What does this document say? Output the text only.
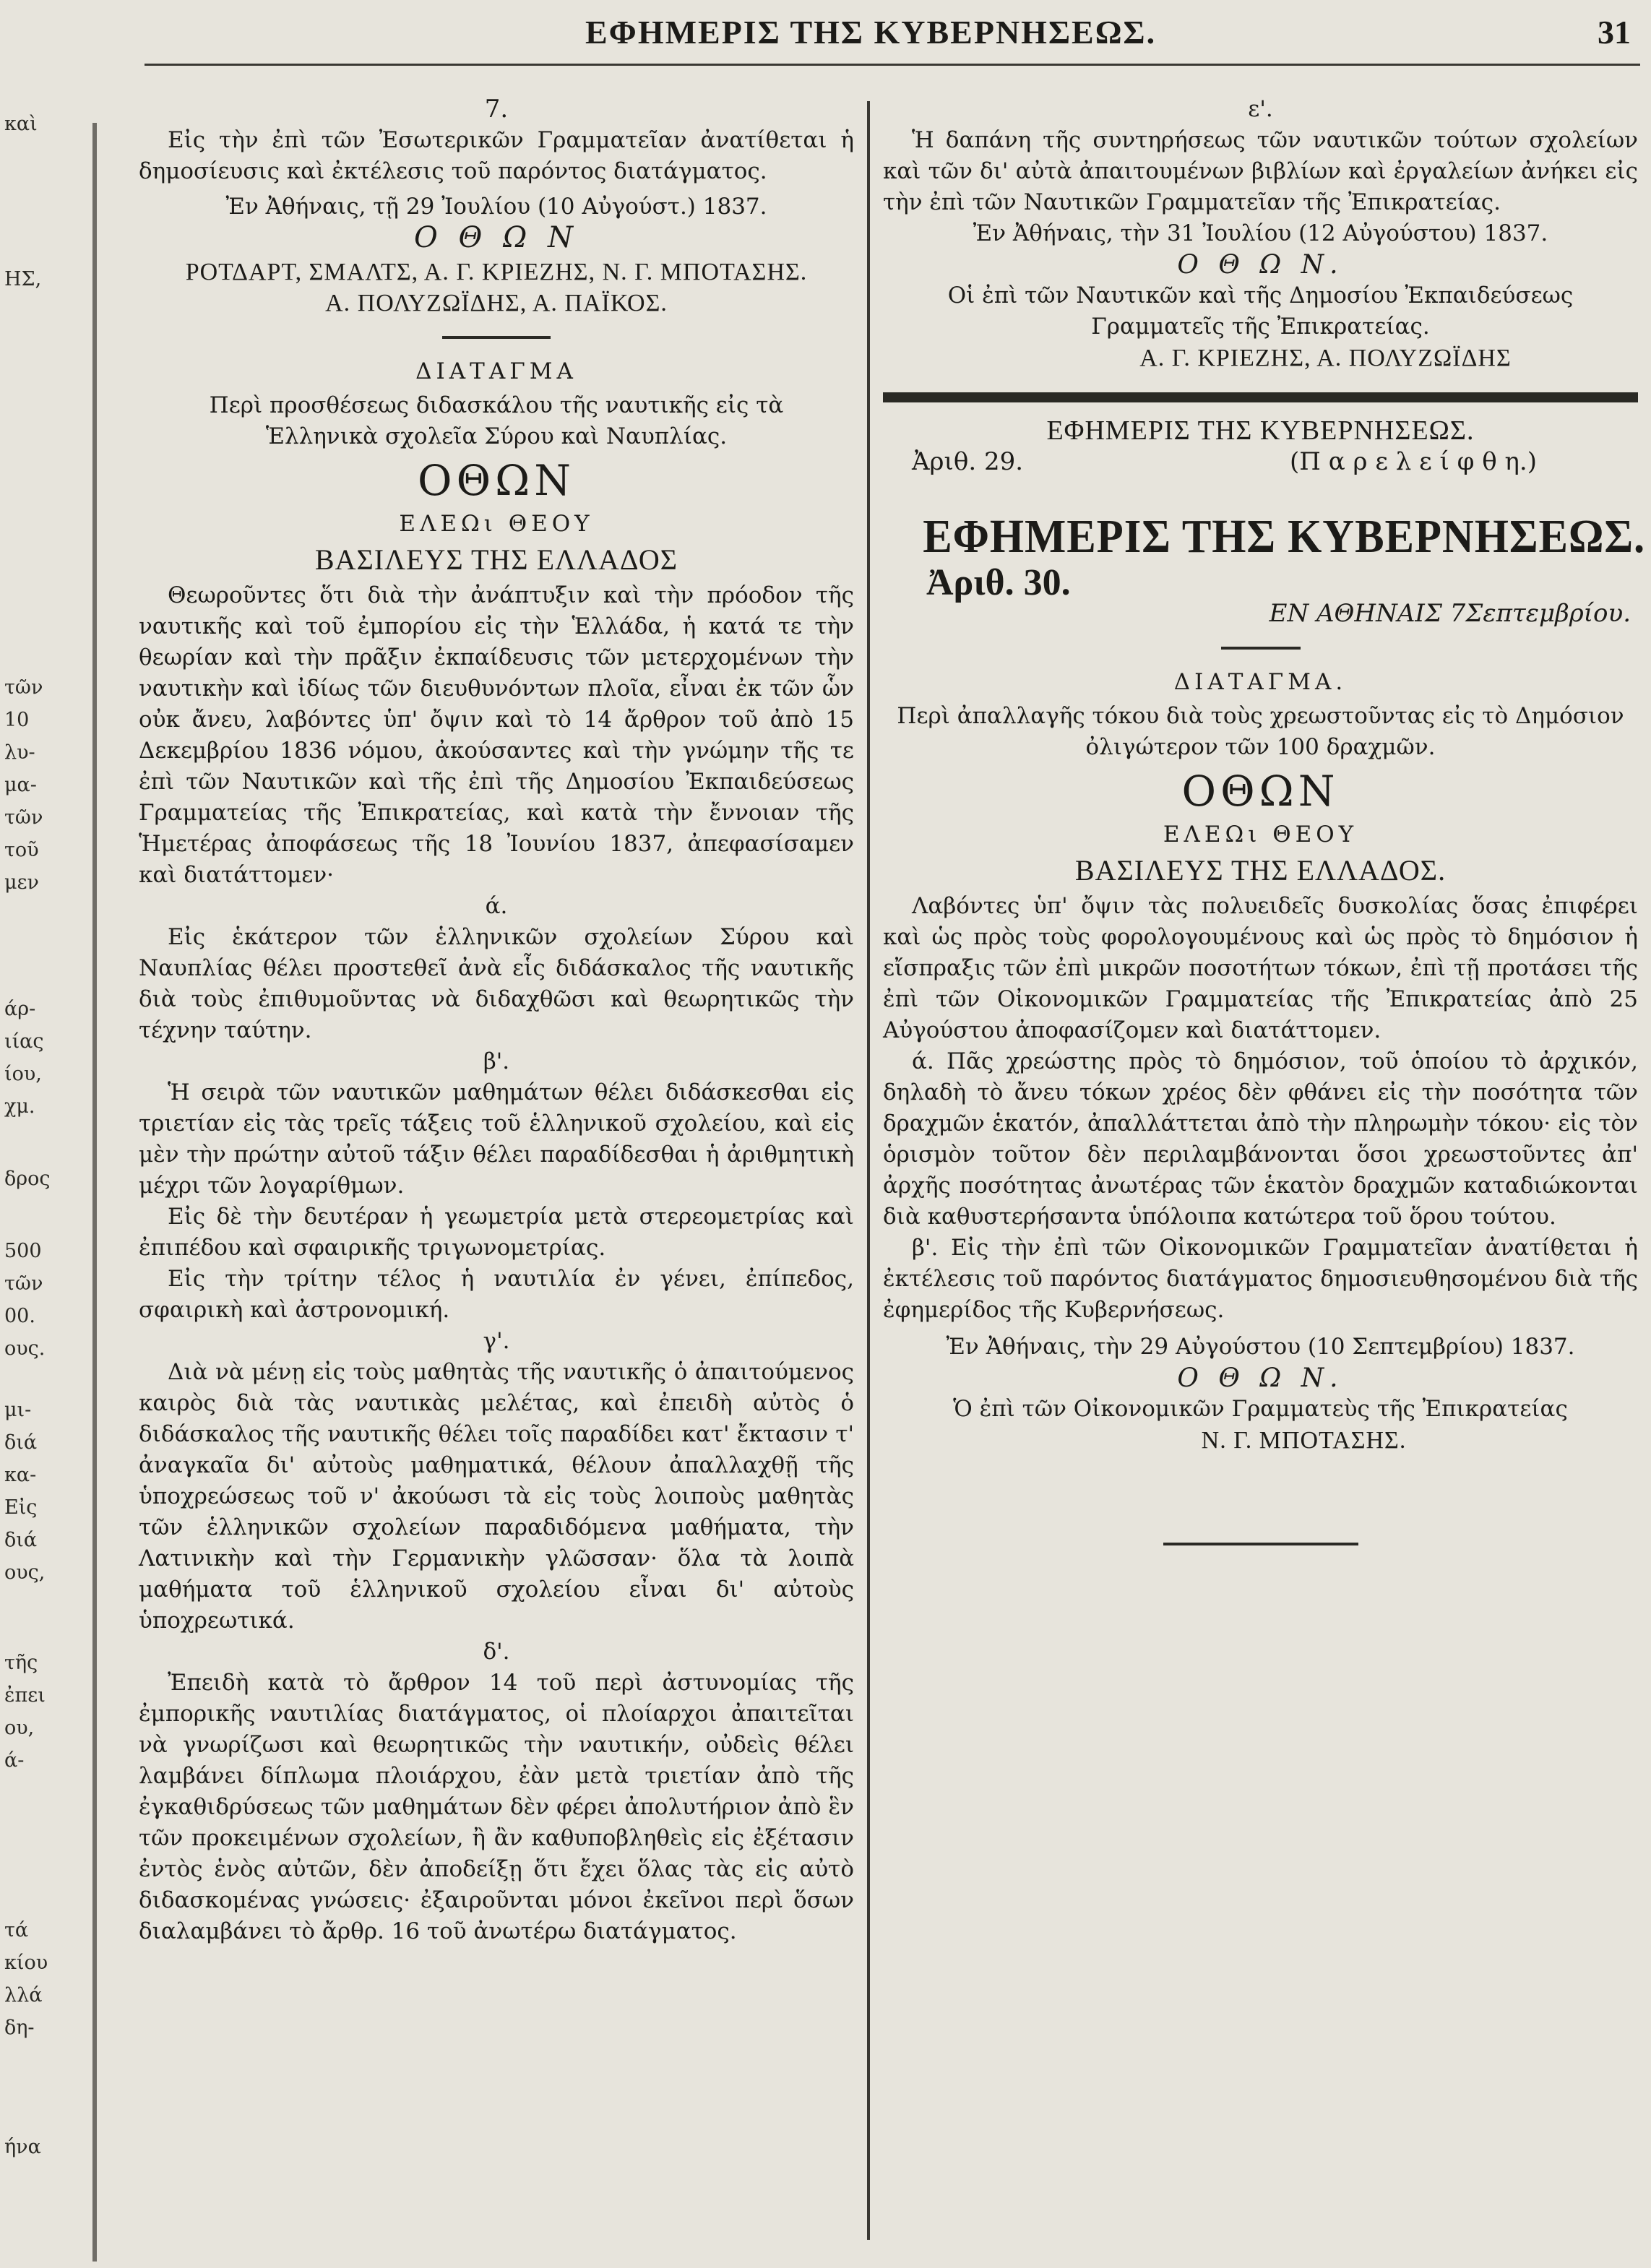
ΕΦΗΜΕΡΙΣ ΤΗΣ ΚΥΒΕΡΝΗΣΕΩΣ.	31
καὶ
ΗΣ,
τῶν
10
λυ-
μα-
τῶν
τοῦ
μεν
άρ-
ιίας
ίου,
χμ.
δρος
500
τῶν
00.
ους.
μι-
διά
κα-
Εἰς
διά
ους,
τῆς
ἐπει
ου,
ά-
τά
κίου
λλά
δη-
ήνα

7.

Εἰς τὴν ἐπὶ τῶν Ἐσωτερικῶν Γραμματεῖαν ἀνατίθεται ἡ δημοσίευσις καὶ ἐκτέλεσις τοῦ παρόντος διατάγματος.

Ἐν Ἀθήναις, τῇ 29 Ἰουλίου (10 Αὐγούστ.) 1837.

Ο Θ Ω Ν

ΡΟΤΔΑΡΤ, ΣΜΑΛΤΣ, Α. Γ. ΚΡΙΕΖΗΣ, Ν. Γ. ΜΠΟΤΑΣΗΣ.

Α. ΠΟΛΥΖΩΪΔΗΣ, Α. ΠΑΪΚΟΣ.

ΔΙΑΤΑΓΜΑ

Περὶ προσθέσεως διδασκάλου τῆς ναυτικῆς εἰς τὰ Ἑλληνικὰ σχολεῖα Σύρου καὶ Ναυπλίας.

ΟΘΩΝ

ΕΛΕΩι ΘΕΟΥ

ΒΑΣΙΛΕΥΣ ΤΗΣ ΕΛΛΑΔΟΣ

Θεωροῦντες ὅτι διὰ τὴν ἀνάπτυξιν καὶ τὴν πρόοδον τῆς ναυτικῆς καὶ τοῦ ἐμπορίου εἰς τὴν Ἑλλάδα, ἡ κατά τε τὴν θεωρίαν καὶ τὴν πρᾶξιν ἐκπαίδευσις τῶν μετερχομένων τὴν ναυτικὴν καὶ ἰδίως τῶν διευθυνόντων πλοῖα, εἶναι ἐκ τῶν ὧν οὐκ ἄνευ, λαβόντες ὑπ' ὄψιν καὶ τὸ 14 ἄρθρον τοῦ ἀπὸ 15 Δεκεμβρίου 1836 νόμου, ἀκούσαντες καὶ τὴν γνώμην τῆς τε ἐπὶ τῶν Ναυτικῶν καὶ τῆς ἐπὶ τῆς Δημοσίου Ἐκπαιδεύσεως Γραμματείας τῆς Ἐπικρατείας, καὶ κατὰ τὴν ἔννοιαν τῆς Ἡμετέρας ἀποφάσεως τῆς 18 Ἰουνίου 1837, ἀπεφασίσαμεν καὶ διατάττομεν·

ά.

Εἰς ἑκάτερον τῶν ἑλληνικῶν σχολείων Σύρου καὶ Ναυπλίας θέλει προστεθεῖ ἀνὰ εἷς διδάσκαλος τῆς ναυτικῆς διὰ τοὺς ἐπιθυμοῦντας νὰ διδαχθῶσι καὶ θεωρητικῶς τὴν τέχνην ταύτην.

β'.

Ἡ σειρὰ τῶν ναυτικῶν μαθημάτων θέλει διδάσκεσθαι εἰς τριετίαν εἰς τὰς τρεῖς τάξεις τοῦ ἑλληνικοῦ σχολείου, καὶ εἰς μὲν τὴν πρώτην αὐτοῦ τάξιν θέλει παραδίδεσθαι ἡ ἀριθμητικὴ μέχρι τῶν λογαρίθμων.

Εἰς δὲ τὴν δευτέραν ἡ γεωμετρία μετὰ στερεομετρίας καὶ ἐπιπέδου καὶ σφαιρικῆς τριγωνομετρίας.

Εἰς τὴν τρίτην τέλος ἡ ναυτιλία ἐν γένει, ἐπίπεδος, σφαιρικὴ καὶ ἀστρονομική.

γ'.

Διὰ νὰ μένῃ εἰς τοὺς μαθητὰς τῆς ναυτικῆς ὁ ἀπαιτούμενος καιρὸς διὰ τὰς ναυτικὰς μελέτας, καὶ ἐπειδὴ αὐτὸς ὁ διδάσκαλος τῆς ναυτικῆς θέλει τοῖς παραδίδει κατ' ἔκτασιν τ' ἀναγκαῖα δι' αὐτοὺς μαθηματικά, θέλουν ἀπαλλαχθῇ τῆς ὑποχρεώσεως τοῦ ν' ἀκούωσι τὰ εἰς τοὺς λοιποὺς μαθητὰς τῶν ἑλληνικῶν σχολείων παραδιδόμενα μαθήματα, τὴν Λατινικὴν καὶ τὴν Γερμανικὴν γλῶσσαν· ὅλα τὰ λοιπὰ μαθήματα τοῦ ἑλληνικοῦ σχολείου εἶναι δι' αὐτοὺς ὑποχρεωτικά.

δ'.

Ἐπειδὴ κατὰ τὸ ἄρθρον 14 τοῦ περὶ ἀστυνομίας τῆς ἐμπορικῆς ναυτιλίας διατάγματος, οἱ πλοίαρχοι ἀπαιτεῖται νὰ γνωρίζωσι καὶ θεωρητικῶς τὴν ναυτικήν, οὐδεὶς θέλει λαμβάνει δίπλωμα πλοιάρχου, ἐὰν μετὰ τριετίαν ἀπὸ τῆς ἐγκαθιδρύσεως τῶν μαθημάτων δὲν φέρει ἀπολυτήριον ἀπὸ ἓν τῶν προκειμένων σχολείων, ἢ ἂν καθυποβληθεὶς εἰς ἐξέτασιν ἐντὸς ἑνὸς αὐτῶν, δὲν ἀποδείξῃ ὅτι ἔχει ὅλας τὰς εἰς αὐτὸ διδασκομένας γνώσεις· ἐξαιροῦνται μόνοι ἐκεῖνοι περὶ ὅσων διαλαμβάνει τὸ ἄρθρ. 16 τοῦ ἀνωτέρω διατάγματος.

ε'.

Ἡ δαπάνη τῆς συντηρήσεως τῶν ναυτικῶν τούτων σχολείων καὶ τῶν δι' αὐτὰ ἀπαιτουμένων βιβλίων καὶ ἐργαλείων ἀνήκει εἰς τὴν ἐπὶ τῶν Ναυτικῶν Γραμματεῖαν τῆς Ἐπικρατείας.

Ἐν Ἀθήναις, τὴν 31 Ἰουλίου (12 Αὐγούστου) 1837.

Ο Θ Ω Ν.

Οἱ ἐπὶ τῶν Ναυτικῶν καὶ τῆς Δημοσίου Ἐκπαιδεύσεως Γραμματεῖς τῆς Ἐπικρατείας.

Α. Γ. ΚΡΙΕΖΗΣ, Α. ΠΟΛΥΖΩΪΔΗΣ

ΕΦΗΜΕΡΙΣ ΤΗΣ ΚΥΒΕΡΝΗΣΕΩΣ.

Ἀριθ. 29.	(Π α ρ ε λ ε ί φ θ η.)
ΕΦΗΜΕΡΙΣ ΤΗΣ ΚΥΒΕΡΝΗΣΕΩΣ.
Ἀριθ. 30.

ΕΝ ΑΘΗΝΑΙΣ 7Σεπτεμβρίου.

ΔΙΑΤΑΓΜΑ.

Περὶ ἀπαλλαγῆς τόκου διὰ τοὺς χρεωστοῦντας εἰς τὸ Δημόσιον ὀλιγώτερον τῶν 100 δραχμῶν.

ΟΘΩΝ

ΕΛΕΩι ΘΕΟΥ

ΒΑΣΙΛΕΥΣ ΤΗΣ ΕΛΛΑΔΟΣ.

Λαβόντες ὑπ' ὄψιν τὰς πολυειδεῖς δυσκολίας ὅσας ἐπιφέρει καὶ ὡς πρὸς τοὺς φορολογουμένους καὶ ὡς πρὸς τὸ δημόσιον ἡ εἴσπραξις τῶν ἐπὶ μικρῶν ποσοτήτων τόκων, ἐπὶ τῇ προτάσει τῆς ἐπὶ τῶν Οἰκονομικῶν Γραμματείας τῆς Ἐπικρατείας ἀπὸ 25 Αὐγούστου ἀποφασίζομεν καὶ διατάττομεν.

ά. Πᾶς χρεώστης πρὸς τὸ δημόσιον, τοῦ ὁποίου τὸ ἀρχικόν, δηλαδὴ τὸ ἄνευ τόκων χρέος δὲν φθάνει εἰς τὴν ποσότητα τῶν δραχμῶν ἑκατόν, ἀπαλλάττεται ἀπὸ τὴν πληρωμὴν τόκου· εἰς τὸν ὁρισμὸν τοῦτον δὲν περιλαμβάνονται ὅσοι χρεωστοῦντες ἀπ' ἀρχῆς ποσότητας ἀνωτέρας τῶν ἑκατὸν δραχμῶν καταδιώκονται διὰ καθυστερήσαντα ὑπόλοιπα κατώτερα τοῦ ὅρου τούτου.

β'. Εἰς τὴν ἐπὶ τῶν Οἰκονομικῶν Γραμματεῖαν ἀνατίθεται ἡ ἐκτέλεσις τοῦ παρόντος διατάγματος δημοσιευθησομένου διὰ τῆς ἐφημερίδος τῆς Κυβερνήσεως.

Ἐν Ἀθήναις, τὴν 29 Αὐγούστου (10 Σεπτεμβρίου) 1837.

Ο Θ Ω Ν.

Ὁ ἐπὶ τῶν Οἰκονομικῶν Γραμματεὺς τῆς Ἐπικρατείας

Ν. Γ. ΜΠΟΤΑΣΗΣ.
